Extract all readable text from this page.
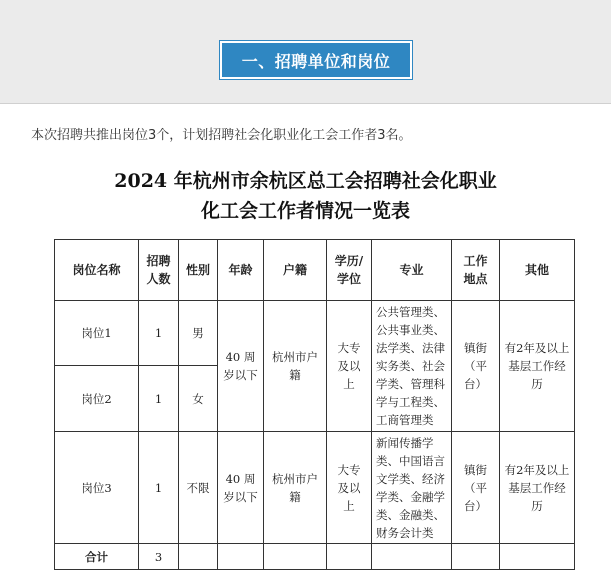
一、招聘单位和岗位
本次招聘共推出岗位3个，计划招聘社会化职业化工会工作者3名。
2024 年杭州市余杭区总工会招聘社会化职业
化工会工作者情况一览表
岗位名称	招聘人数	性别	年龄	户籍	学历/学位	专业	工作地点	其他
岗位1	1	男	40 周岁以下	杭州市户籍	大专及以上	公共管理类、公共事业类、法学类、法律实务类、社会学类、管理科学与工程类、工商管理类	镇街（平台）	有2年及以上基层工作经历
岗位2	1	女						
岗位3	1	不限	40 周岁以下	杭州市户籍	大专及以上	新闻传播学类、中国语言文学类、经济学类、金融学类、金融类、财务会计类	镇街（平台）	有2年及以上基层工作经历
合计	3							
